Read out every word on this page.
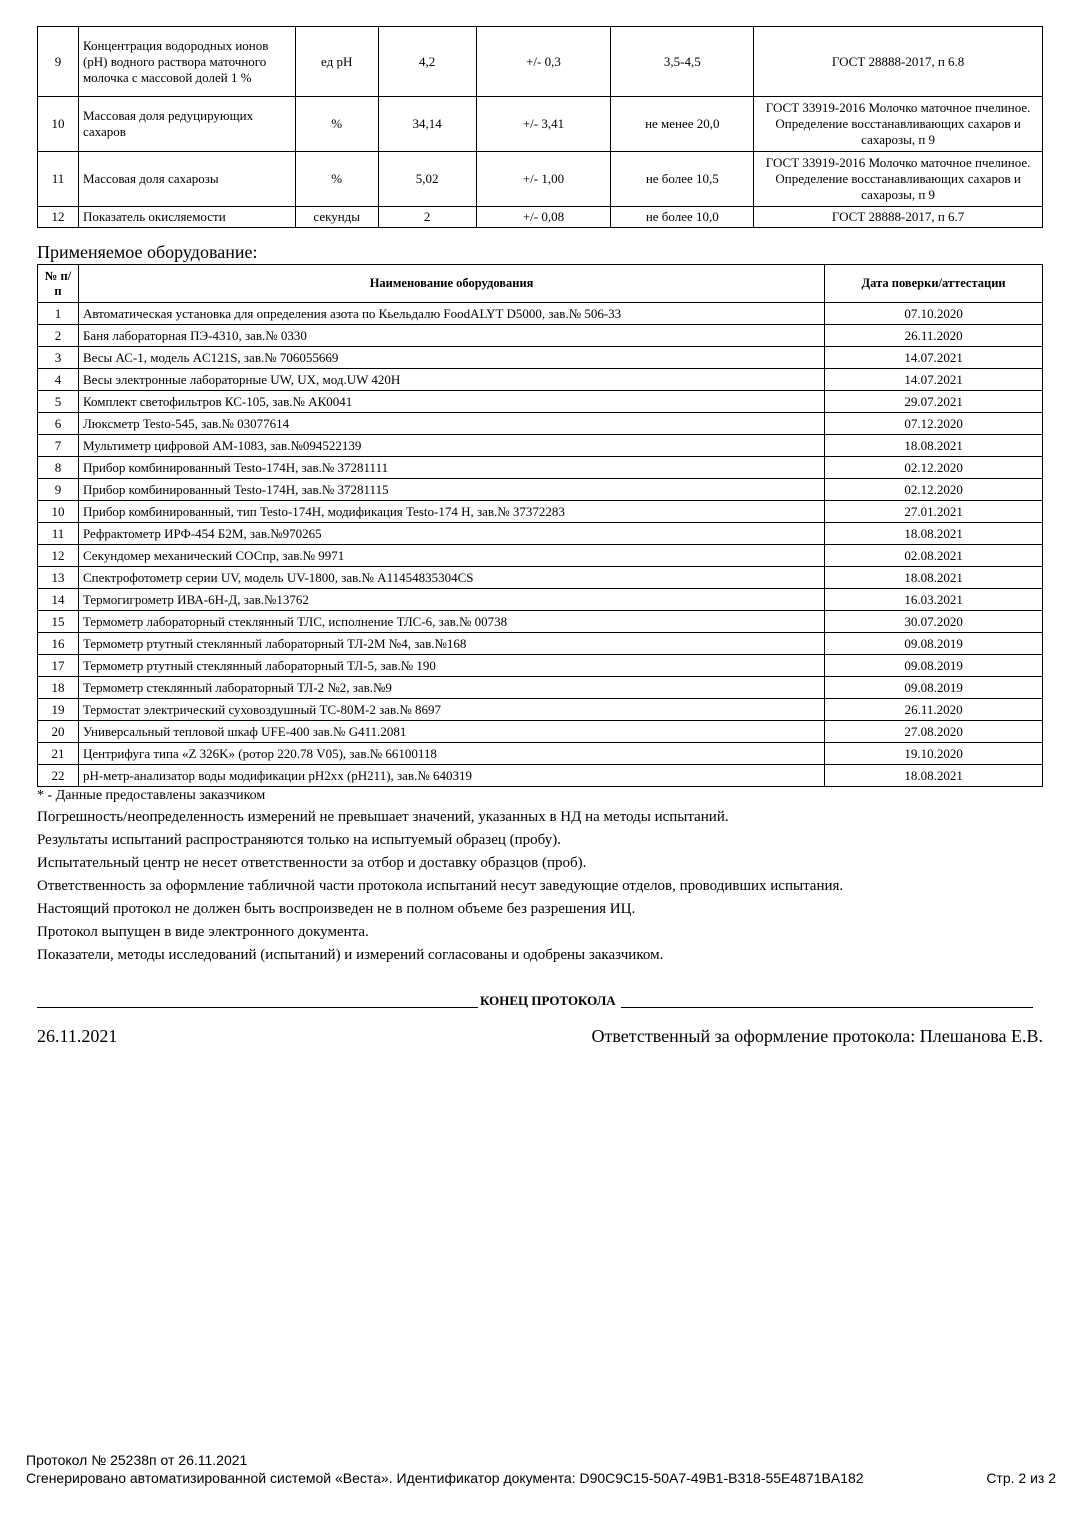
9	Концентрация водородных ионов (pH) водного раствора маточного молочка с массовой долей 1 %	ед pH	4,2	+/- 0,3	3,5-4,5	ГОСТ 28888-2017, п 6.8
10	Массовая доля редуцирующих сахаров	%	34,14	+/- 3,41	не менее 20,0	ГОСТ 33919-2016 Молочко маточное пчелиное. Определение восстанавливающих сахаров и сахарозы, п 9
11	Массовая доля сахарозы	%	5,02	+/- 1,00	не более 10,5	ГОСТ 33919-2016 Молочко маточное пчелиное. Определение восстанавливающих сахаров и сахарозы, п 9
12	Показатель окисляемости	секунды	2	+/- 0,08	не более 10,0	ГОСТ 28888-2017, п 6.7
Применяемое оборудование:
№ п/п	Наименование оборудования	Дата поверки/аттестации
1	Автоматическая установка для определения азота по Кьельдалю FoodALYT D5000, зав.№ 506-33	07.10.2020
2	Баня лабораторная ПЭ-4310, зав.№ 0330	26.11.2020
3	Весы АС-1, модель AC121S, зав.№ 706055669	14.07.2021
4	Весы электронные лабораторные UW, UX, мод.UW 420H	14.07.2021
5	Комплект светофильтров КС-105, зав.№ АК0041	29.07.2021
6	Люксметр Testo-545, зав.№ 03077614	07.12.2020
7	Мультиметр цифровой АМ-1083, зав.№094522139	18.08.2021
8	Прибор комбинированный Testo-174H, зав.№ 37281111	02.12.2020
9	Прибор комбинированный Testo-174H, зав.№ 37281115	02.12.2020
10	Прибор комбинированный, тип Testo-174H, модификация Testo-174 H, зав.№ 37372283	27.01.2021
11	Рефрактометр ИРФ-454 Б2М, зав.№970265	18.08.2021
12	Секундомер механический СОСпр, зав.№ 9971	02.08.2021
13	Спектрофотометр серии UV, модель UV-1800, зав.№ A11454835304CS	18.08.2021
14	Термогигрометр ИВА-6Н-Д, зав.№13762	16.03.2021
15	Термометр лабораторный стеклянный ТЛС, исполнение ТЛС-6, зав.№ 00738	30.07.2020
16	Термометр ртутный стеклянный лабораторный ТЛ-2М №4, зав.№168	09.08.2019
17	Термометр ртутный стеклянный лабораторный ТЛ-5, зав.№ 190	09.08.2019
18	Термометр стеклянный лабораторный ТЛ-2 №2, зав.№9	09.08.2019
19	Термостат электрический суховоздушный ТС-80М-2 зав.№ 8697	26.11.2020
20	Универсальный тепловой шкаф UFE-400 зав.№ G411.2081	27.08.2020
21	Центрифуга типа «Z 326K» (ротор 220.78 V05), зав.№ 66100118	19.10.2020
22	рН-метр-анализатор воды модификации pH2xx (pH211), зав.№ 640319	18.08.2021
* - Данные предоставлены заказчиком
Погрешность/неопределенность измерений не превышает значений, указанных в НД на методы испытаний.
Результаты испытаний распространяются только на испытуемый образец (пробу).
Испытательный центр не несет ответственности за отбор и доставку образцов (проб).
Ответственность за оформление табличной части протокола испытаний несут заведующие отделов, проводивших испытания.
Настоящий протокол не должен быть воспроизведен не в полном объеме без разрешения ИЦ.
Протокол выпущен в виде электронного документа.
Показатели, методы исследований (испытаний) и измерений согласованы и одобрены заказчиком.
КОНЕЦ ПРОТОКОЛА
26.11.2021	Ответственный за оформление протокола: Плешанова Е.В.
Протокол № 25238п от 26.11.2021
Сгенерировано автоматизированной системой «Веста». Идентификатор документа: D90C9C15-50A7-49B1-B318-55E4871BA182	Стр. 2 из 2
